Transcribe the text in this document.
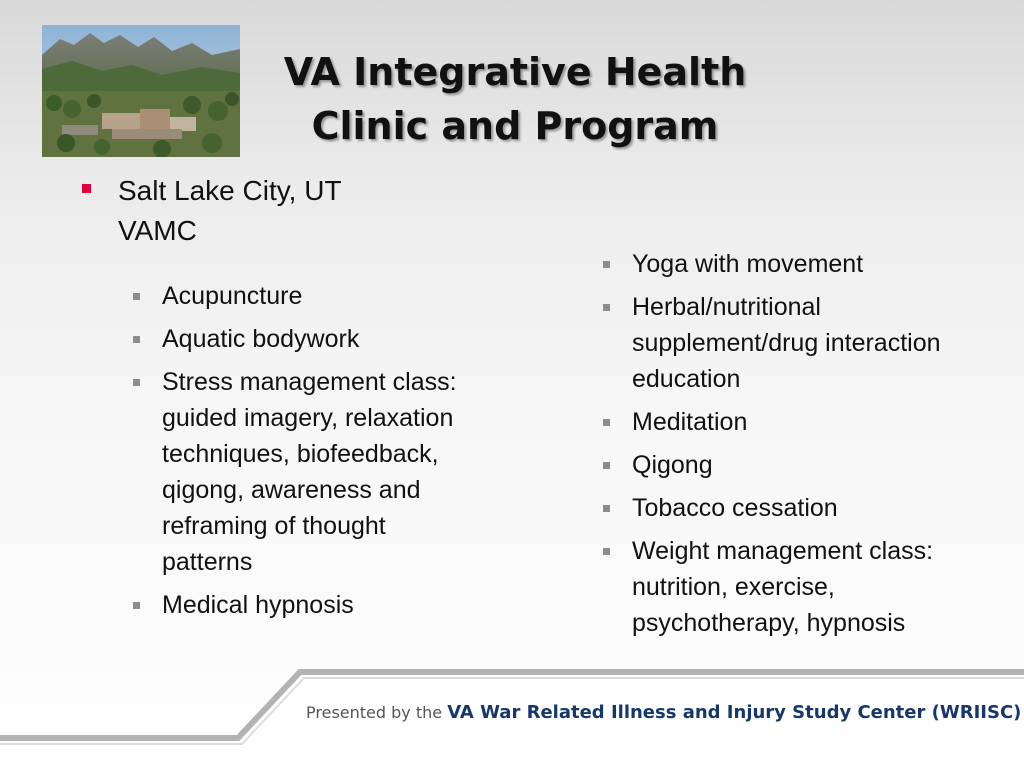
VA Integrative Health
Clinic and Program
Salt Lake City, UT
VAMC
Acupuncture
Aquatic bodywork
Stress management class: guided imagery, relaxation techniques, biofeedback, qigong, awareness and reframing of thought patterns
Medical hypnosis
Yoga with movement
Herbal/nutritional supplement/drug interaction education
Meditation
Qigong
Tobacco cessation
Weight management class: nutrition, exercise, psychotherapy, hypnosis
Presented by the VA War Related Illness and Injury Study Center (WRIISC)
